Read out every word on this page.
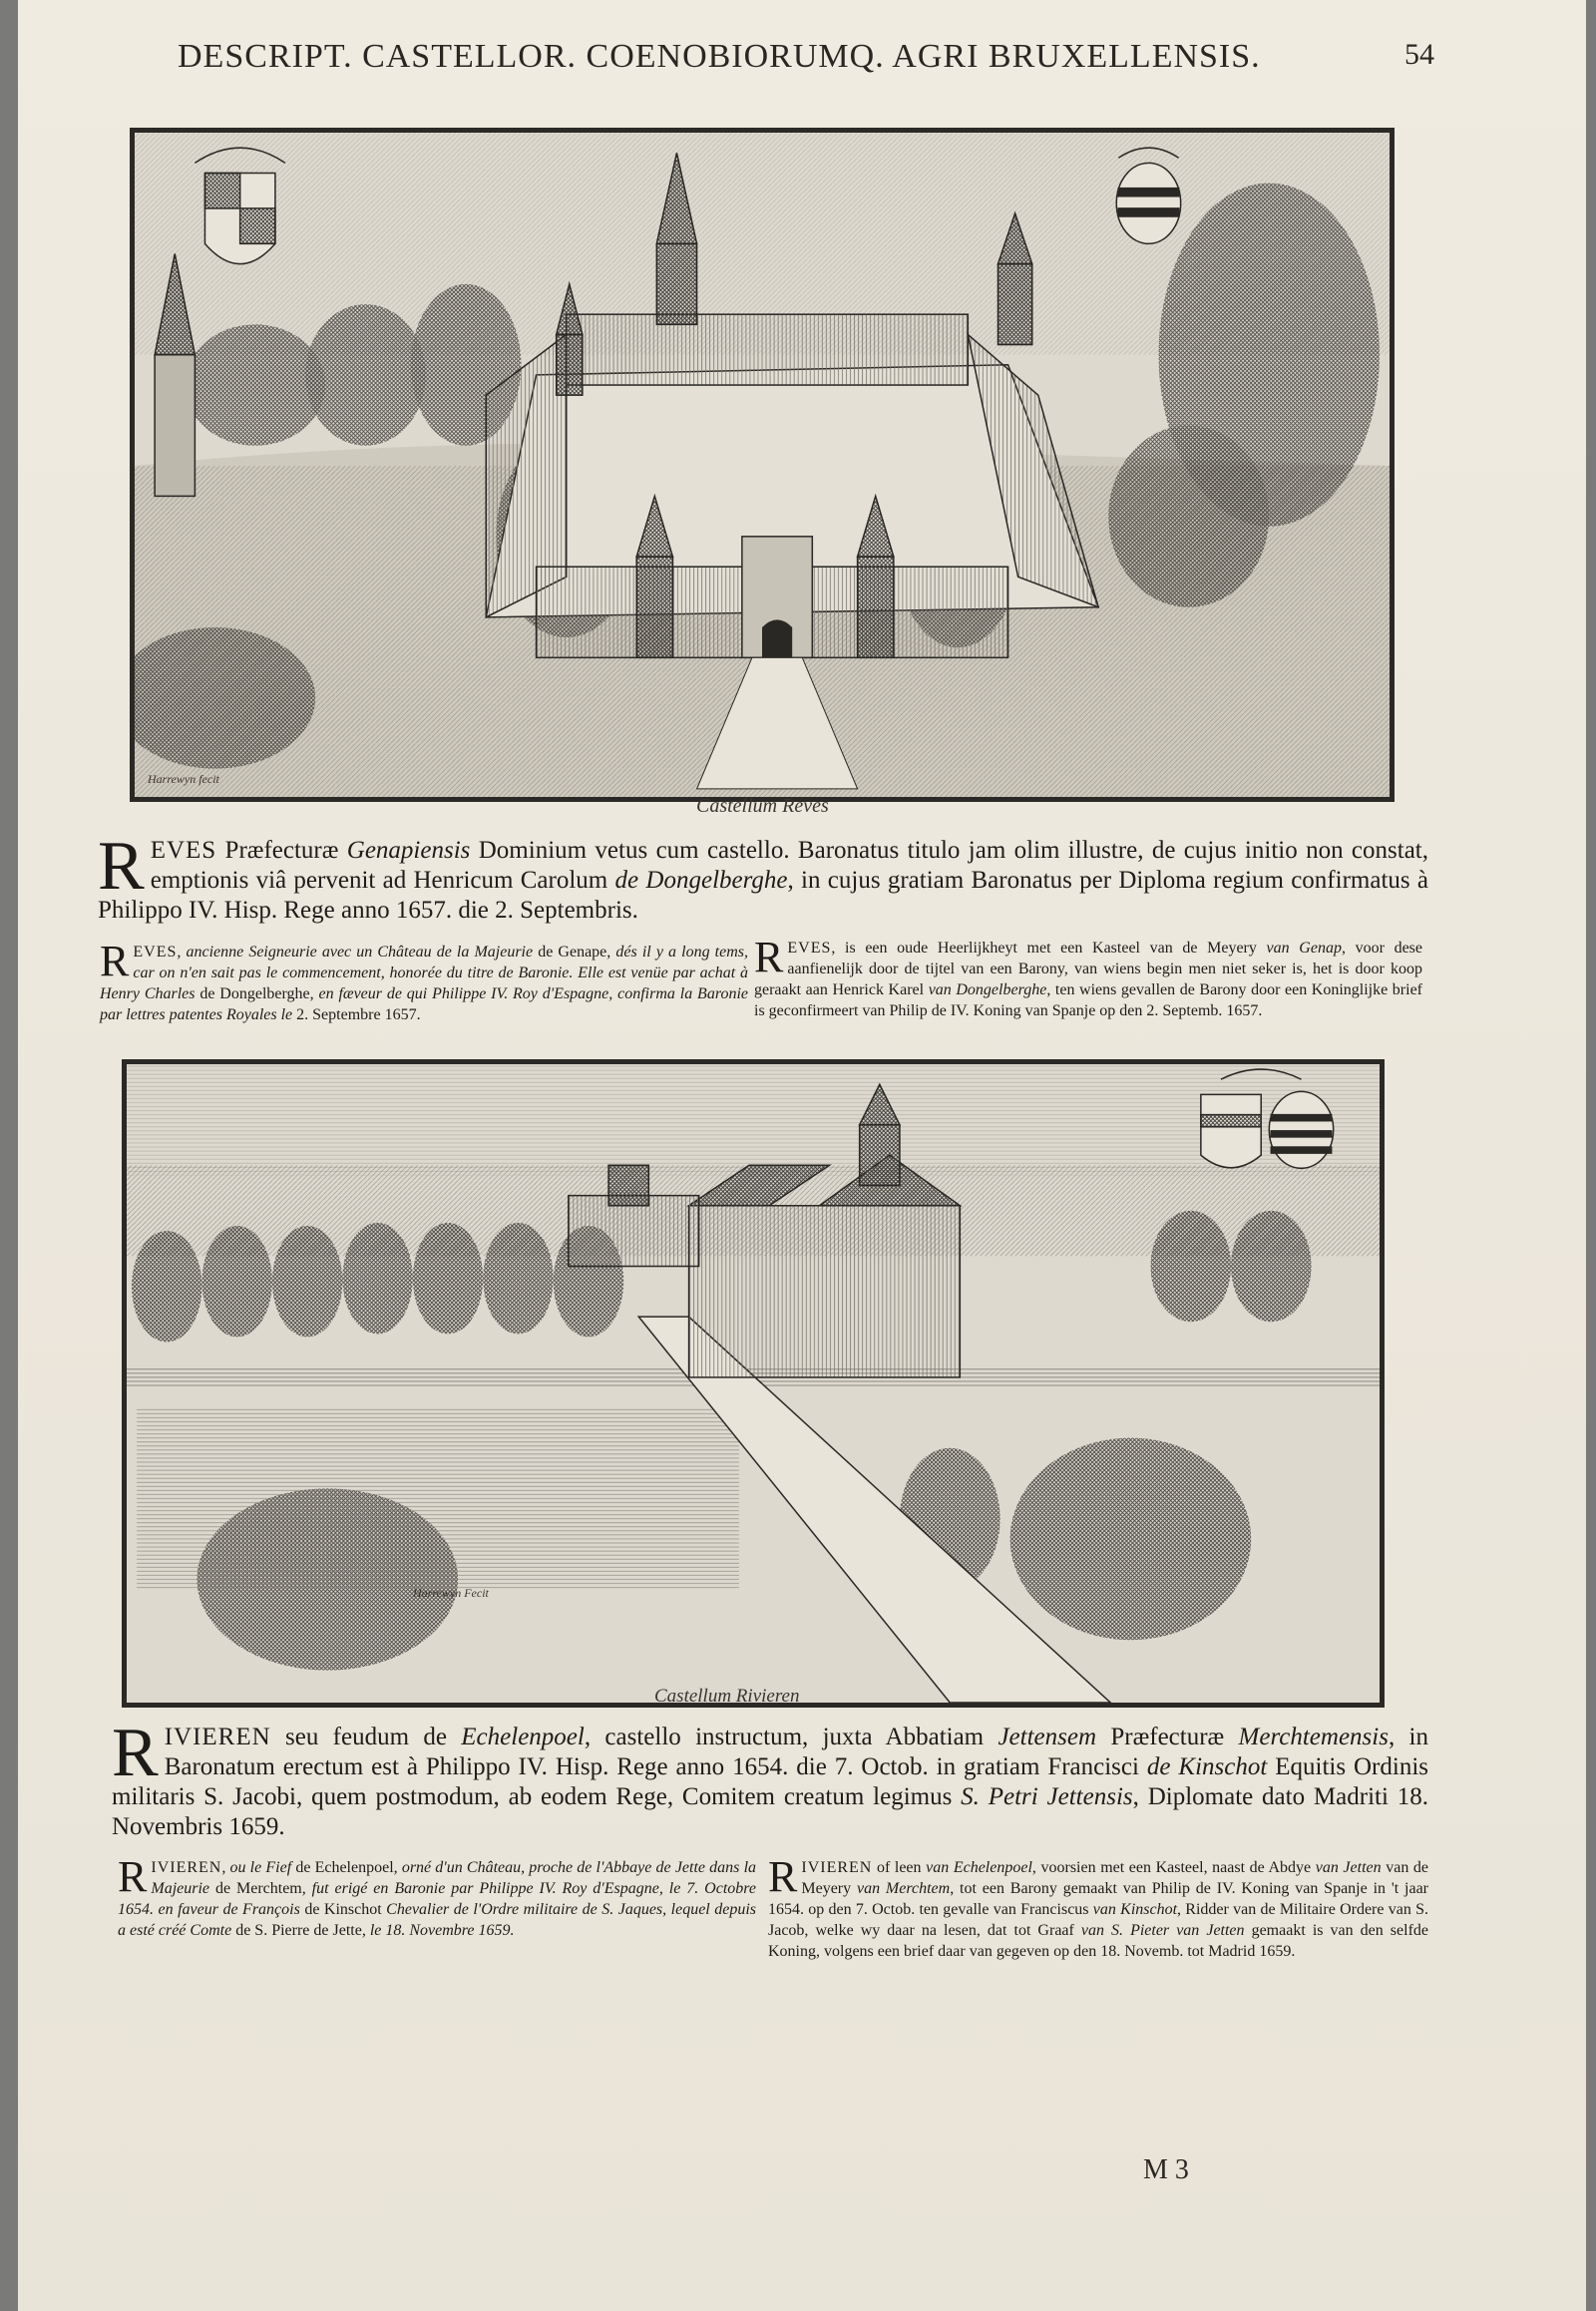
DESCRIPT. CASTELLOR. COENOBIORUMQ. AGRI BRUXELLENSIS.	54
Castellum Reves
Harrewyn fecit

REVES Præfecturæ Genapiensis Dominium vetus cum castello. Baronatus titulo jam olim illustre, de cujus initio non constat, emptionis viâ pervenit ad Henricum Carolum de Dongelberghe, in cujus gratiam Baronatus per Diploma regium confirmatus à Philippo IV. Hisp. Rege anno 1657. die 2. Septembris.

REVES, ancienne Seigneurie avec un Château de la Majeurie de Genape, dés il y a long tems, car on n'en sait pas le commencement, honorée du titre de Baronie. Elle est venüe par achat à Henry Charles de Dongelberghe, en fæveur de qui Philippe IV. Roy d'Espagne, confirma la Baronie par lettres patentes Royales le 2. Septembre 1657.

REVES, is een oude Heerlijkheyt met een Kasteel van de Meyery van Genap, voor dese aanfienelijk door de tijtel van een Barony, van wiens begin men niet seker is, het is door koop geraakt aan Henrick Karel van Dongelberghe, ten wiens gevallen de Barony door een Koninglijke brief is geconfirmeert van Philip de IV. Koning van Spanje op den 2. Septemb. 1657.

Castellum Rivieren
Harrewyn Fecit

RIVIEREN seu feudum de Echelenpoel, castello instructum, juxta Abbatiam Jettensem Præfecturæ Merchtemensis, in Baronatum erectum est à Philippo IV. Hisp. Rege anno 1654. die 7. Octob. in gratiam Francisci de Kinschot Equitis Ordinis militaris S. Jacobi, quem postmodum, ab eodem Rege, Comitem creatum legimus S. Petri Jettensis, Diplomate dato Madriti 18. Novembris 1659.

RIVIEREN, ou le Fief de Echelenpoel, orné d'un Château, proche de l'Abbaye de Jette dans la Majeurie de Merchtem, fut erigé en Baronie par Philippe IV. Roy d'Espagne, le 7. Octobre 1654. en faveur de François de Kinschot Chevalier de l'Ordre militaire de S. Jaques, lequel depuis a esté créé Comte de S. Pierre de Jette, le 18. Novembre 1659.

RIVIEREN of leen van Echelenpoel, voorsien met een Kasteel, naast de Abdye van Jetten van de Meyery van Merchtem, tot een Barony gemaakt van Philip de IV. Koning van Spanje in 't jaar 1654. op den 7. Octob. ten gevalle van Franciscus van Kinschot, Ridder van de Militaire Ordere van S. Jacob, welke wy daar na lesen, dat tot Graaf van S. Pieter van Jetten gemaakt is van den selfde Koning, volgens een brief daar van gegeven op den 18. Novemb. tot Madrid 1659.

M 3
